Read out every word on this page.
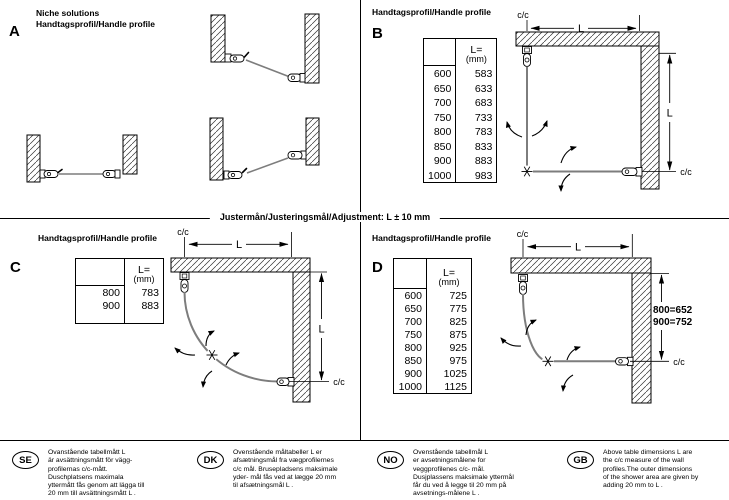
Niche solutions
Handtagsprofil/Handle profile
A
Handtagsprofil/Handle profile
B

	L=
(mm)

600	583
650	633
700	683
750	733
800	783
850	833
900	883
1000	983
c/c
L
L
c/c
Handtagsprofil/Handle profile
C

	L=
(mm)

800	783
900	883

c/c
L
L
c/c
Handtagsprofil/Handle profile
D

	L=
(mm)

600	725
650	775
700	825
750	875
800	925
850	975
900	1025
1000	1125
c/c
L
800=652
900=752
c/c
Justermån/Justeringsmål/Adjustment: L ± 10 mm
SE
Ovanstående tabellmått L
är avsättningsmått för vägg-
profilernas c/c-mått.
Duschplatsens maximala
yttermått fås genom att lägga till
20 mm till avsättningsmått L .
DK
Ovenstående måltabeller L er
afsætningsmål fra vægprofilernes
c/c mål. Brusepladsens maksimale
yder- mål fås ved at lægge 20 mm
til afsætningsmål L .
NO
Ovenstående tabellmål L
er avsetningsmålene for
veggprofilenes c/c- mål.
Dusjplassens maksimale yttermål
får du ved å legge til 20 mm på
avsetnings-målene L .
GB
Above table dimensions L are
the c/c measure of the wall
profiles.The outer dimensions
of the shower area are given by
adding 20 mm to L .
